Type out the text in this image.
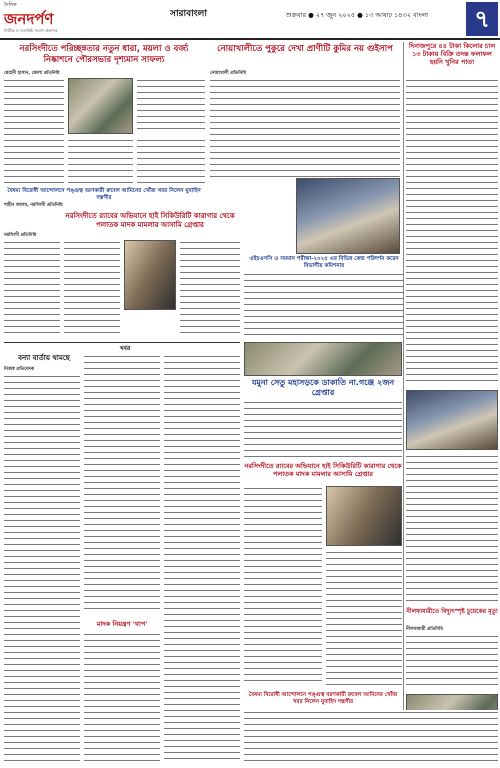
দৈনিক
জনদর্পণ
নির্ভীক ও সত্যনিষ্ঠ সংবাদ প্রকাশক
সারাবাংলা	শুক্রবার ● ২৭ জুন ২০২৫ ● ১৩ আষাঢ় ১৪৩২ বাংলা	৭
নরসিংদীতে পরিচ্ছন্নতার নতুন ধারা, ময়লা ও বর্জ্য নিষ্কাশনে পৌরসভার দৃশ্যমান সাফল্য
মেহেদী হাসান, জেলা প্রতিনিধি
নোয়াখালীতে পুকুরে দেখা প্রাণীটি কুমির নয় গুইসাপ
নোয়াখালী প্রতিনিধি
এইচএসসি ও সমমান পরীক্ষা-২০২৫ এর বিভিন্ন কেন্দ্র পরিদর্শন করেন বিভাগীয় কমিশনার
দিনাজপুরে ৪৪ টাকা কিলোর চাল ১৩ টাকায় বিক্রি তদন্ত ফলাফল হয়নি খুনির পাতা
নরসিংদীতে র‍্যাবের অভিযানে হাই সিকিউরিটি কারাগার থেকে পলাতক মাদক মামলার আসামি গ্রেপ্তার
নরসিংদী প্রতিনিধি
বৈষম্য বিরোধী আন্দোলনে পঙ্গুত্ব বরণকারী রুবেল আমিনের খোঁজ খবর নিলেন যুবাহিদ দস্তগীর
শাহীন আলম, নরসিংদী প্রতিনিধি
যমুনা সেতু মহাসড়কে ডাকাতি না.গঞ্জে ২জন গ্রেপ্তার
খবর
বন্যা বার্তায় থামছে
নিজস্ব প্রতিবেদক
মাদক নিয়ন্ত্রণ 'থাপ'
নরসিংদীতে র‍্যাবের অভিযানে হাই সিকিউরিটি কারাগার থেকে পলাতক মাদক মামলার আসামি গ্রেপ্তার
নীলফামারীতে বিদ্যুৎস্পৃষ্ট চুয়েকের মৃত্যু
নীলফামারী প্রতিনিধি
বৈষম্য বিরোধী আন্দোলনে পঙ্গুত্ব বরণকারী রুবেল আমিনের খোঁজ খবর নিলেন যুবাহিদ দস্তগীর
